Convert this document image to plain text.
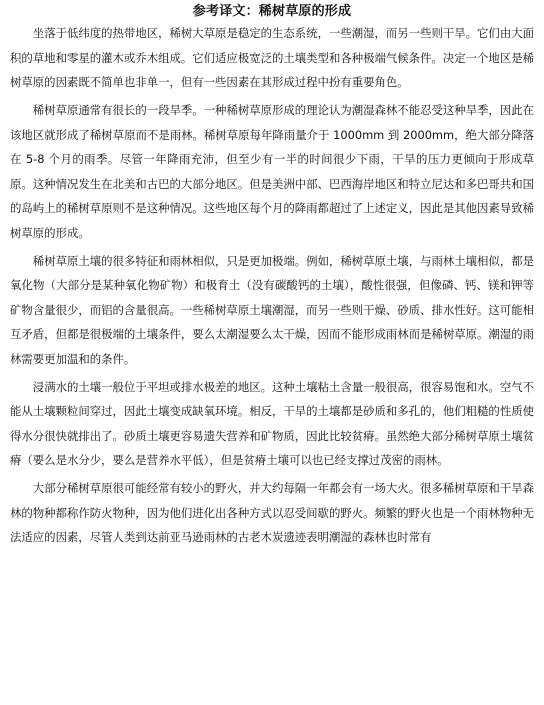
参考译文：稀树草原的形成

坐落于低纬度的热带地区，稀树大草原是稳定的生态系统，一些潮湿，而另一些则干旱。它们由大面积的草地和零星的灌木或乔木组成。它们适应极宽泛的土壤类型和各种极端气候条件。决定一个地区是稀树草原的因素既不简单也非单一，但有一些因素在其形成过程中扮有重要角色。

稀树草原通常有很长的一段旱季。一种稀树草原形成的理论认为潮湿森林不能忍受这种旱季，因此在该地区就形成了稀树草原而不是雨林。稀树草原每年降雨量介于 1000mm 到 2000mm，绝大部分降落在 5-8 个月的雨季。尽管一年降雨充沛，但至少有一半的时间很少下雨，干旱的压力更倾向于形成草原。这种情况发生在北美和古巴的大部分地区。但是美洲中部、巴西海岸地区和特立尼达和多巴哥共和国的岛屿上的稀树草原则不是这种情况。这些地区每个月的降雨都超过了上述定义，因此是其他因素导致稀树草原的形成。

稀树草原土壤的很多特征和雨林相似，只是更加极端。例如，稀树草原土壤，与雨林土壤相似，都是氧化物（大部分是某种氧化物矿物）和极育土（没有碳酸钙的土壤），酸性很强，但像磷、钙、镁和钾等矿物含量很少，而铝的含量很高。一些稀树草原土壤潮湿，而另一些则干燥、砂质、排水性好。这可能相互矛盾，但都是很极端的土壤条件，要么太潮湿要么太干燥，因而不能形成雨林而是稀树草原。潮湿的雨林需要更加温和的条件。

浸满水的土壤一般位于平坦或排水极差的地区。这种土壤粘土含量一般很高，很容易饱和水。空气不能从土壤颗粒间穿过，因此土壤变成缺氧环境。相反，干旱的土壤都是砂质和多孔的，他们粗糙的性质使得水分很快就排出了。砂质土壤更容易遗失营养和矿物质，因此比较贫瘠。虽然绝大部分稀树草原土壤贫瘠（要么是水分少，要么是营养水平低），但是贫瘠土壤可以也已经支撑过茂密的雨林。

大部分稀树草原很可能经常有较小的野火，并大约每隔一年都会有一场大火。很多稀树草原和干旱森林的物种都称作防火物种，因为他们进化出各种方式以忍受间歇的野火。频繁的野火也是一个雨林物种无法适应的因素，尽管人类到达前亚马逊雨林的古老木炭遗迹表明潮湿的森林也时常有
